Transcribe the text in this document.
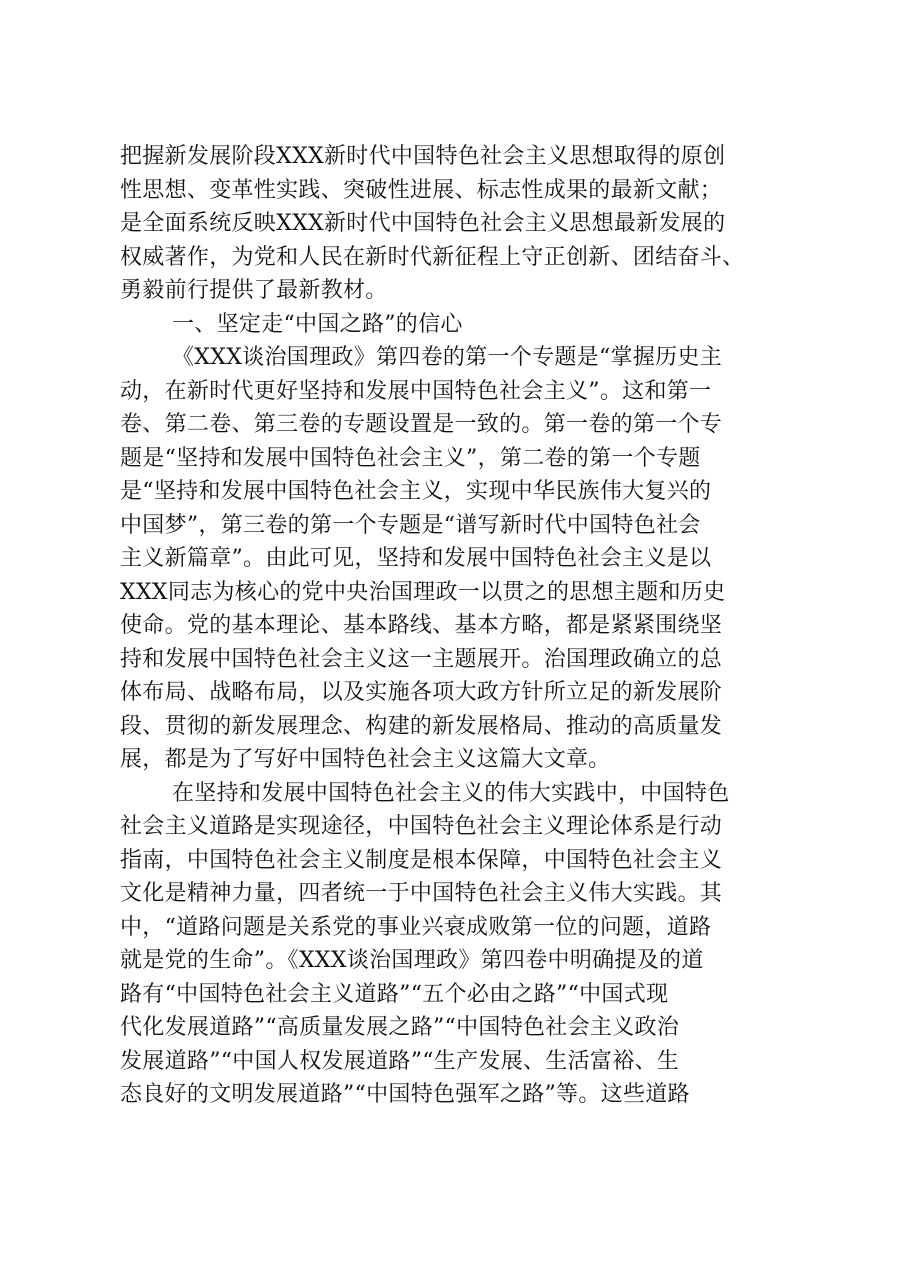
把握新发展阶段XXX新时代中国特色社会主义思想取得的原创
性思想、变革性实践、突破性进展、标志性成果的最新文献；
是全面系统反映XXX新时代中国特色社会主义思想最新发展的
权威著作，为党和人民在新时代新征程上守正创新、团结奋斗、
勇毅前行提供了最新教材。
一、坚定走“中国之路”的信心
《XXX谈治国理政》第四卷的第一个专题是“掌握历史主
动，在新时代更好坚持和发展中国特色社会主义”。这和第一
卷、第二卷、第三卷的专题设置是一致的。第一卷的第一个专
题是“坚持和发展中国特色社会主义”，第二卷的第一个专题
是“坚持和发展中国特色社会主义，实现中华民族伟大复兴的
中国梦”，第三卷的第一个专题是“谱写新时代中国特色社会
主义新篇章”。由此可见，坚持和发展中国特色社会主义是以
XXX同志为核心的党中央治国理政一以贯之的思想主题和历史
使命。党的基本理论、基本路线、基本方略，都是紧紧围绕坚
持和发展中国特色社会主义这一主题展开。治国理政确立的总
体布局、战略布局，以及实施各项大政方针所立足的新发展阶
段、贯彻的新发展理念、构建的新发展格局、推动的高质量发
展，都是为了写好中国特色社会主义这篇大文章。
在坚持和发展中国特色社会主义的伟大实践中，中国特色
社会主义道路是实现途径，中国特色社会主义理论体系是行动
指南，中国特色社会主义制度是根本保障，中国特色社会主义
文化是精神力量，四者统一于中国特色社会主义伟大实践。其
中，“道路问题是关系党的事业兴衰成败第一位的问题，道路
就是党的生命”。《XXX谈治国理政》第四卷中明确提及的道
路有“中国特色社会主义道路”“五个必由之路”“中国式现
代化发展道路”“高质量发展之路”“中国特色社会主义政治
发展道路”“中国人权发展道路”“生产发展、生活富裕、生
态良好的文明发展道路”“中国特色强军之路”等。这些道路
